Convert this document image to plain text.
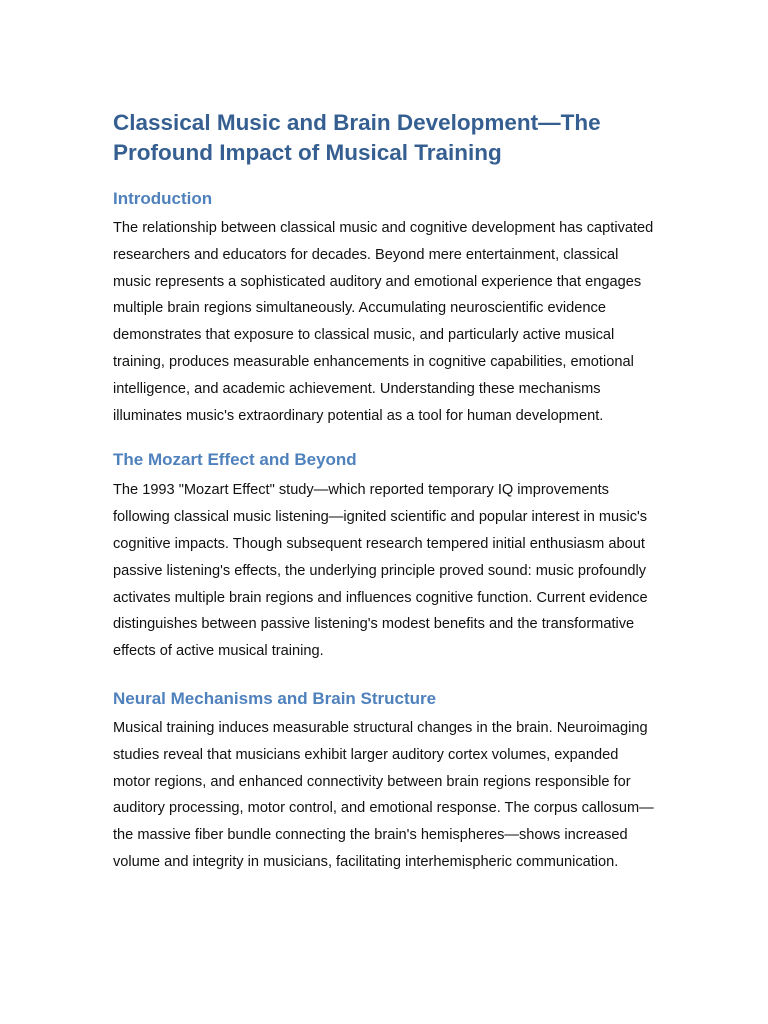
Classical Music and Brain Development—The Profound Impact of Musical Training
Introduction

The relationship between classical music and cognitive development has captivated researchers and educators for decades. Beyond mere entertainment, classical music represents a sophisticated auditory and emotional experience that engages multiple brain regions simultaneously. Accumulating neuroscientific evidence demonstrates that exposure to classical music, and particularly active musical training, produces measurable enhancements in cognitive capabilities, emotional intelligence, and academic achievement. Understanding these mechanisms illuminates music's extraordinary potential as a tool for human development.

The Mozart Effect and Beyond

The 1993 "Mozart Effect" study—which reported temporary IQ improvements following classical music listening—ignited scientific and popular interest in music's cognitive impacts. Though subsequent research tempered initial enthusiasm about passive listening's effects, the underlying principle proved sound: music profoundly activates multiple brain regions and influences cognitive function. Current evidence distinguishes between passive listening's modest benefits and the transformative effects of active musical training.

Neural Mechanisms and Brain Structure

Musical training induces measurable structural changes in the brain. Neuroimaging studies reveal that musicians exhibit larger auditory cortex volumes, expanded motor regions, and enhanced connectivity between brain regions responsible for auditory processing, motor control, and emotional response. The corpus callosum—the massive fiber bundle connecting the brain's hemispheres—shows increased volume and integrity in musicians, facilitating interhemispheric communication.
